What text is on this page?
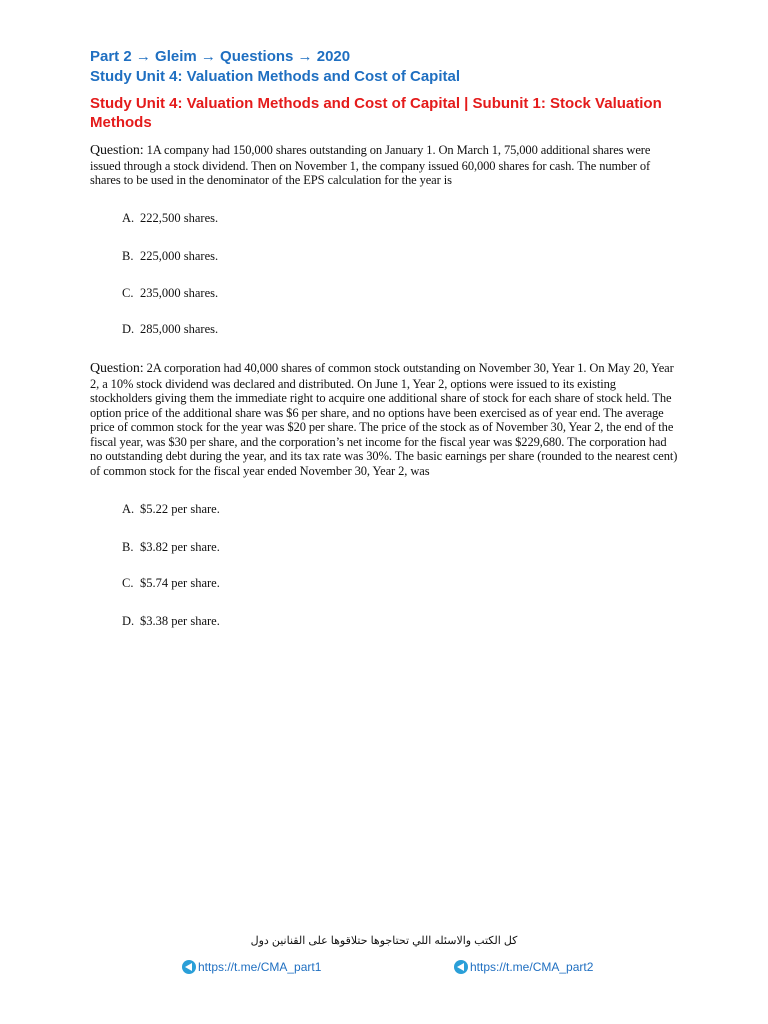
Part 2 → Gleim → Questions → 2020
Study Unit 4: Valuation Methods and Cost of Capital
Study Unit 4: Valuation Methods and Cost of Capital | Subunit 1: Stock Valuation Methods
Question: 1A company had 150,000 shares outstanding on January 1. On March 1, 75,000 additional shares were issued through a stock dividend. Then on November 1, the company issued 60,000 shares for cash. The number of shares to be used in the denominator of the EPS calculation for the year is
A. 222,500 shares.
B. 225,000 shares.
C. 235,000 shares.
D. 285,000 shares.
Question: 2A corporation had 40,000 shares of common stock outstanding on November 30, Year 1. On May 20, Year 2, a 10% stock dividend was declared and distributed. On June 1, Year 2, options were issued to its existing stockholders giving them the immediate right to acquire one additional share of stock for each share of stock held. The option price of the additional share was $6 per share, and no options have been exercised as of year end. The average price of common stock for the year was $20 per share. The price of the stock as of November 30, Year 2, the end of the fiscal year, was $30 per share, and the corporation’s net income for the fiscal year was $229,680. The corporation had no outstanding debt during the year, and its tax rate was 30%. The basic earnings per share (rounded to the nearest cent) of common stock for the fiscal year ended November 30, Year 2, was
A. $5.22 per share.
B. $3.82 per share.
C. $5.74 per share.
D. $3.38 per share.
كل الكتب والاسئله اللي تحتاجوها حتلاقوها على القنانين دول
https://t.me/CMA_part1	https://t.me/CMA_part2
